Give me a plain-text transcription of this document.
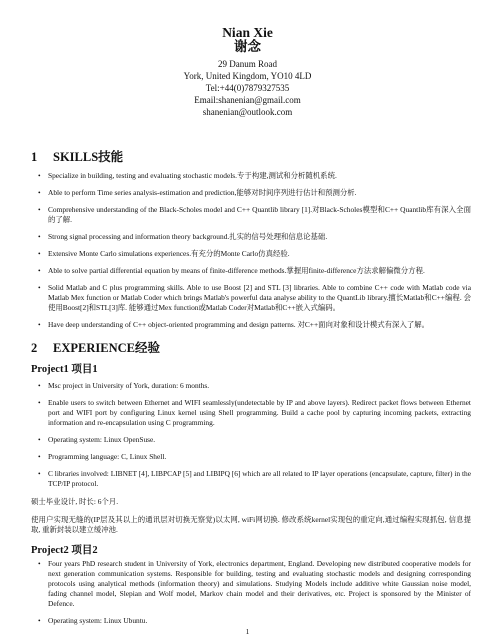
Nian Xie
谢念
29 Danum Road
York, United Kingdom, YO10 4LD
Tel:+44(0)7879327535
Email:shanenian@gmail.com
shanenian@outlook.com
1	SKILLS技能
• Specialize in building, testing and evaluating stochastic models.专于构建,测试和分析随机系统.
• Able to perform Time series analysis-estimation and prediction,能够对时间序列进行估计和预测分析.
• Comprehensive understanding of the Black-Scholes model and C++ Quantlib library [1].对Black-Scholes模型和C++ Quantlib库有深入全面的了解.
• Strong signal processing and information theory background.扎实的信号处理和信息论基础.
• Extensive Monte Carlo simulations experiences.有充分的Monte Carlo仿真经验.
• Able to solve partial differential equation by means of finite-difference methods.掌握用finite-difference方法求解偏微分方程.
• Solid Matlab and C plus programming skills. Able to use Boost [2] and STL [3] libraries. Able to combine C++ code with Matlab code via Matlab Mex function or Matlab Coder which brings Matlab's powerful data analyse ability to the QuantLib library.擅长Matlab和C++编程. 会使用Boost[2]和STL[3]库. 能够通过Mex function或Matlab Coder对Matlab和C++嵌入式编码。
• Have deep understanding of C++ object-oriented programming and design patterns. 对C++面向对象和设计模式有深入了解。
2	EXPERIENCE经验
Project1 项目1
• Msc project in University of York, duration: 6 months.
• Enable users to switch between Ethernet and WIFI seamlessly(undetectable by IP and above layers). Redirect packet flows between Ethernet port and WIFI port by configuring Linux kernel using Shell programming. Build a cache pool by capturing incoming packets, extracting information and re-encapsulation using C programming.
• Operating system: Linux OpenSuse.
• Programming language: C, Linux Shell.
• C libraries involved: LIBNET [4], LIBPCAP [5] and LIBIPQ [6] which are all related to IP layer operations (encapsulate, capture, filter) in the TCP/IP protocol.

硕士毕业设计, 时长: 6个月.

使用户实现无缝的(IP层及其以上的通讯层对切换无察觉)以太网, wiFi网切换. 修改系统kernel实现包的重定向,通过编程实现抓包, 信息提取, 重新封装以建立缓冲池.

Project2 项目2
• Four years PhD research student in University of York, electronics department, England. Developing new distributed cooperative models for next generation communication systems. Responsible for building, testing and evaluating stochastic models and designing corresponding protocols using analytical methods (information theory) and simulations. Studying Models include additive white Gaussian noise model, fading channel model, Slepian and Wolf model, Markov chain model and their derivatives, etc. Project is sponsored by the Minister of Defence.
• Operating system: Linux Ubuntu.
1
